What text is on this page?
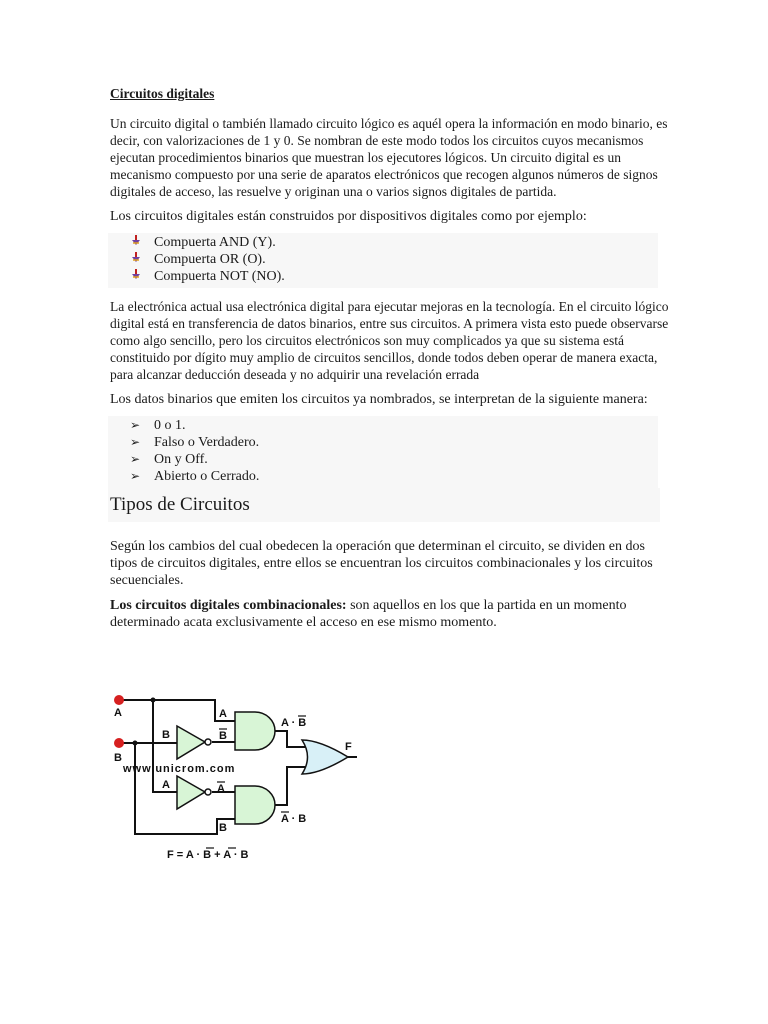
Circuitos digitales

Un circuito digital o también llamado circuito lógico es aquél opera la información en modo binario, es decir, con valorizaciones de 1 y 0. Se nombran de este modo todos los circuitos cuyos mecanismos ejecutan procedimientos binarios que muestran los ejecutores lógicos. Un circuito digital es un mecanismo compuesto por una serie de aparatos electrónicos que recogen algunos números de signos digitales de acceso, las resuelve y originan una o varios signos digitales de partida.

Los circuitos digitales están construidos por dispositivos digitales como por ejemplo:

Compuerta AND (Y).
Compuerta OR (O).
Compuerta NOT (NO).

La electrónica actual usa electrónica digital para ejecutar mejoras en la tecnología. En el circuito lógico digital está en transferencia de datos binarios, entre sus circuitos. A primera vista esto puede observarse como algo sencillo, pero los circuitos electrónicos son muy complicados ya que su sistema está constituido por dígito muy amplio de circuitos sencillos, donde todos deben operar de manera exacta, para alcanzar deducción deseada y no adquirir una revelación errada

Los datos binarios que emiten los circuitos ya nombrados, se interpretan de la siguiente manera:

➢ 0 o 1.
➢ Falso o Verdadero.
➢ On y Off.
➢ Abierto o Cerrado.
Tipos de Circuitos

Según los cambios del cual obedecen la operación que determinan el circuito, se dividen en dos tipos de circuitos digitales, entre ellos se encuentran los circuitos combinacionales y los circuitos secuenciales.

Los circuitos digitales combinacionales: son aquellos en los que la partida en un momento determinado acata exclusivamente el acceso en ese mismo momento.

www.unicrom.com
A
B
B
A
B
A · B
A	A
B
A · B
F
F = A · B + A · B
